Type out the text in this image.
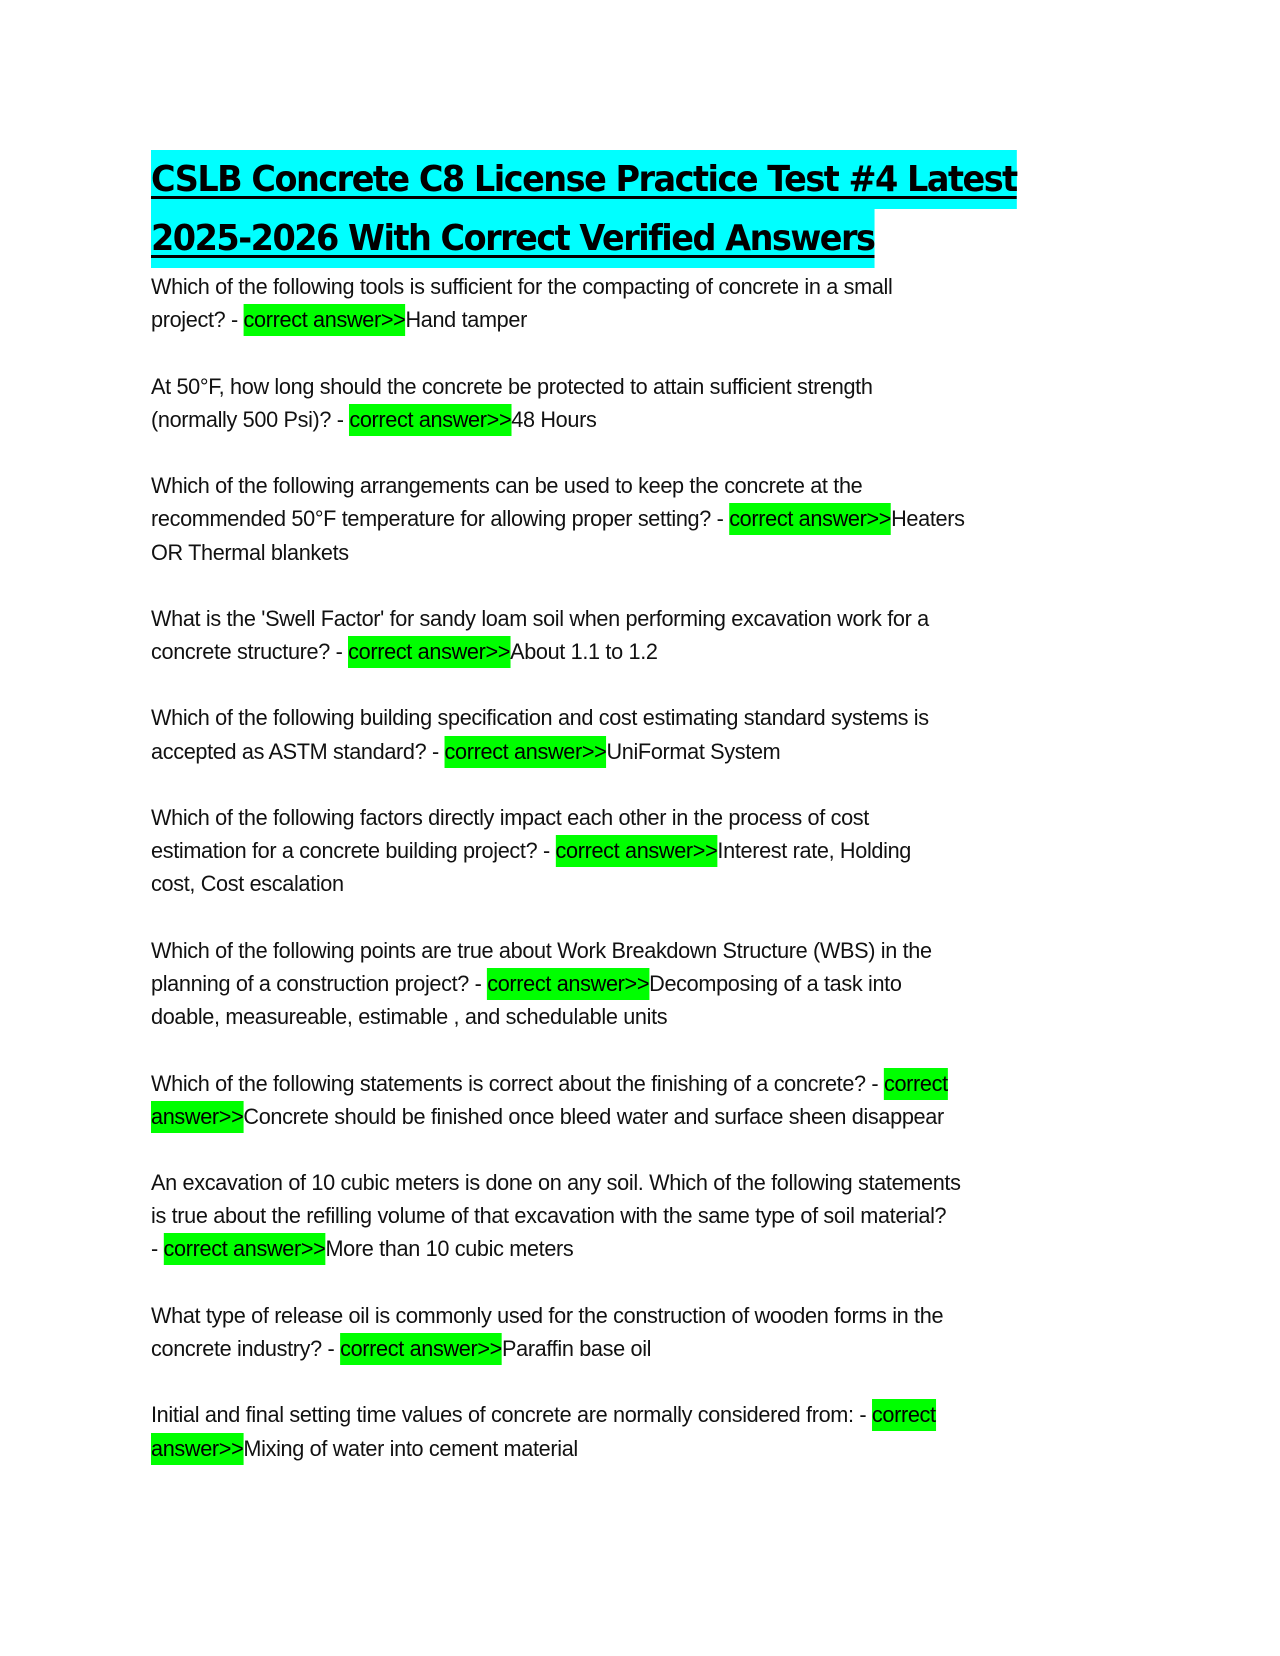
CSLB Concrete C8 License Practice Test #4 Latest
2025-2026 With Correct Verified Answers
Which of the following tools is sufficient for the compacting of concrete in a small
project? - correct answer>>Hand tamper
At 50°F, how long should the concrete be protected to attain sufficient strength
(normally 500 Psi)? - correct answer>>48 Hours
Which of the following arrangements can be used to keep the concrete at the
recommended 50°F temperature for allowing proper setting? - correct answer>>Heaters
OR Thermal blankets
What is the 'Swell Factor' for sandy loam soil when performing excavation work for a
concrete structure? - correct answer>>About 1.1 to 1.2
Which of the following building specification and cost estimating standard systems is
accepted as ASTM standard? - correct answer>>UniFormat System
Which of the following factors directly impact each other in the process of cost
estimation for a concrete building project? - correct answer>>Interest rate, Holding
cost, Cost escalation
Which of the following points are true about Work Breakdown Structure (WBS) in the
planning of a construction project? - correct answer>>Decomposing of a task into
doable, measureable, estimable , and schedulable units
Which of the following statements is correct about the finishing of a concrete? - correct
answer>>Concrete should be finished once bleed water and surface sheen disappear
An excavation of 10 cubic meters is done on any soil. Which of the following statements
is true about the refilling volume of that excavation with the same type of soil material?
- correct answer>>More than 10 cubic meters
What type of release oil is commonly used for the construction of wooden forms in the
concrete industry? - correct answer>>Paraffin base oil
Initial and final setting time values of concrete are normally considered from: - correct
answer>>Mixing of water into cement material
